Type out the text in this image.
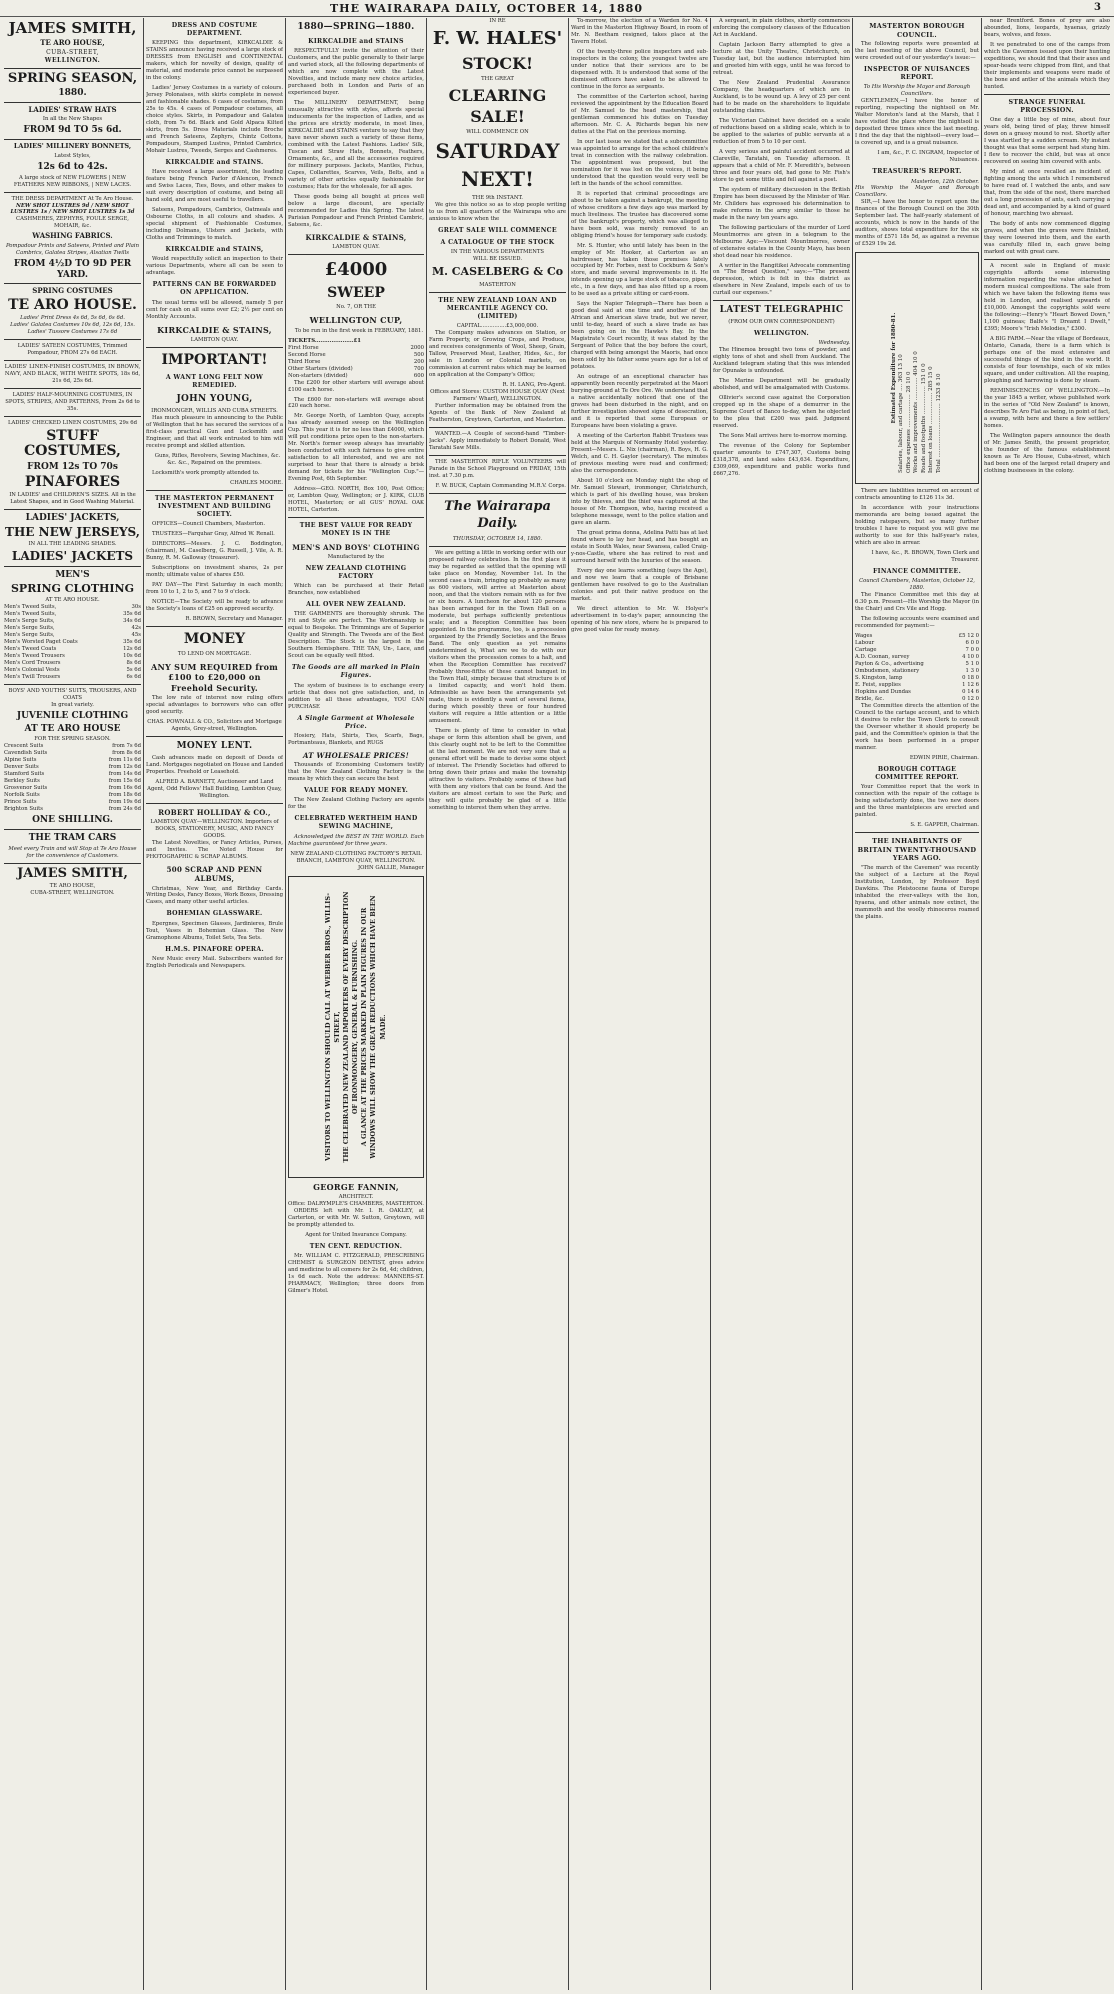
THE WAIRARAPA DAILY, OCTOBER 14, 1880	3
JAMES SMITH,
TE ARO HOUSE,
CUBA-STREET,
WELLINGTON.
SPRING SEASON,
1880.
LADIES' STRAW HATS
In all the New Shapes
FROM 9d TO 5s 6d.
LADIES' MILLINERY BONNETS,
Latest Styles,
12s 6d to 42s.
A large stock of NEW FLOWERS | NEW FEATHERS NEW RIBBONS, | NEW LACES.
THE DRESS DEPARTMENT At Te Aro House.
NEW SHOT LUSTRES 9d / NEW SHOT LUSTRES 1s / NEW SHOT LUSTRES 1s 3d
CASHMERES, ZEPHYRS, FOULE SERGE, MOHAIR, &c.
WASHING FABRICS.
Pompadour Prints and Sateens, Printed and Plain Cambrics, Galatea Stripes, Alsatian Twills
FROM 4½D TO 9D PER YARD.
SPRING COSTUMES
TE ARO HOUSE.
Ladies' Print Dress 4s 6d, 5s 6d, 6s 6d.
Ladies' Galatea Costumes 10s 6d, 12s 6d, 15s.
Ladies' Tussore Costumes 17s 6d
LADIES' SATEEN COSTUMES, Trimmed Pompadour, FROM 27s 6d EACH.
LADIES' LINEN-FINISH COSTUMES, IN BROWN, NAVY, AND BLACK, WITH WHITE SPOTS, 18s 6d, 21s 6d, 25s 6d.
LADIES' HALF-MOURNING COSTUMES, IN SPOTS, STRIPES, AND PATTERNS, From 2s 6d to 35s.
LADIES' CHECKED LINEN COSTUMES, 29s 6d
STUFF COSTUMES,
FROM 12s TO 70s
PINAFORES
IN LADIES' and CHILDREN'S SIZES. All in the Latest Shapes, and in Good Washing Material.
LADIES' JACKETS,
THE NEW JERSEYS,
IN ALL THE LEADING SHADES.
LADIES' JACKETS
MEN'S
SPRING CLOTHING
AT TE ARO HOUSE.
Men's Tweed Suits,	30s
Men's Tweed Suits,	35s 6d
Men's Serge Suits,	34s 6d
Men's Serge Suits,	42s
Men's Serge Suits,	45s
Men's Worsted Paget Coats	35s 6d
Men's Tweed Coats	12s 6d
Men's Tweed Trousers	10s 6d
Men's Cord Trousers	8s 6d
Men's Colonial Vests	5s 6d
Men's Twill Trousers	6s 6d
BOYS' AND YOUTHS' SUITS, TROUSERS, AND COATS
In great variety.
JUVENILE CLOTHING
AT TE ARO HOUSE
FOR THE SPRING SEASON.
Crescent Suits	from 7s 6d
Cavendish Suits	from 8s 6d
Alpine Suits	from 11s 6d
Denver Suits	from 12s 6d
Stamford Suits	from 14s 6d
Berkley Suits	from 15s 6d
Grosvenor Suits	from 16s 6d
Norfolk Suits	from 18s 6d
Prince Suits	from 19s 6d
Brighton Suits	from 24s 6d
ONE SHILLING.
THE TRAM CARS
Meet every Train and will Stop at Te Aro House for the convenience of Customers.
JAMES SMITH,
TE ARO HOUSE,
CUBA-STREET, WELLINGTON.
DRESS AND COSTUME DEPARTMENT.

KEEPING this department, KIRKCALDIE & STAINS announce having received a large stock of DRESSES from ENGLISH and CONTINENTAL makers, which for novelty of design, quality of material, and moderate price cannot be surpassed in the colony.

Ladies' Jersey Costumes in a variety of colours. Jersey Polonaises, with skirts complete in newest and fashionable shades. 6 cases of costumes, from 25s to 45s. 4 cases of Pompadour costumes, all choice styles. Skirts, in Pompadour and Galatea cloth, from 7s 6d. Black and Gold Alpaca Kilted skirts, from 5s. Dress Materials include Broche and French Sateens, Zephyrs, Chintz Cottons, Pompadours, Stamped Lustres, Printed Cambrics, Mohair Lustres, Tweeds, Serges and Cashmeres.

KIRKCALDIE and STAINS.

Have received a large assortment, the leading feature being French Parlor d'Alencon, French and Swiss Laces, Ties, Bows, and other makes to suit every description of costume, and being all hand sold, and are most useful to travellers.

Sateens, Pompadours, Cambrics, Oatmeals and Osbourne Cloths, in all colours and shades. A special shipment of Fashionable Costumes, including Dolmans, Ulsters and Jackets, with Cloths and Trimmings to match.

KIRKCALDIE and STAINS,

Would respectfully solicit an inspection to their various Departments, where all can be seen to advantage.

PATTERNS CAN BE FORWARDED ON APPLICATION.

The usual terms will be allowed, namely 5 per cent for cash on all sums over £2; 2½ per cent on Monthly Accounts.

KIRKCALDIE & STAINS,
LAMBTON QUAY.
IMPORTANT!
A WANT LONG FELT NOW REMEDIED.
JOHN YOUNG,
IRONMONGER, WILLIS AND CUBA STREETS.

Has much pleasure in announcing to the Public of Wellington that he has secured the services of a first-class practical Gun and Locksmith and Engineer, and that all work entrusted to him will receive prompt and skilled attention.

Guns, Rifles, Revolvers, Sewing Machines, &c. &c. &c., Repaired on the premises.

Locksmith's work promptly attended to.

CHARLES MOORE.
THE MASTERTON PERMANENT INVESTMENT AND BUILDING SOCIETY.

OFFICES—Council Chambers, Masterton.

TRUSTEES—Farquhar Gray, Alfred W. Renall.

DIRECTORS—Messrs. J. C. Boddington, (chairman), M. Caselberg, G. Russell, J. Vile, A. R. Bunny, R. M. Galloway (treasurer).

Subscriptions on investment shares, 2s per month; ultimate value of shares £50.

PAY DAY—The First Saturday in each month; from 10 to 1, 2 to 5, and 7 to 9 o'clock.

NOTICE—The Society will be ready to advance the Society's loans of £25 on approved security.

R. BROWN, Secretary and Manager.
MONEY
TO LEND ON MORTGAGE.
ANY SUM REQUIRED from £100 to £20,000 on Freehold Security.

The low rate of interest now ruling offers special advantages to borrowers who can offer good security.

CHAS. POWNALL & CO., Solicitors and Mortgage Agents, Grey-street, Wellington.
MONEY LENT.

Cash advances made on deposit of Deeds of Land. Mortgages negotiated on House and Landed Properties. Freehold or Leasehold.

ALFRED A. BARNETT, Auctioneer and Land Agent, Odd Fellows' Hall Building, Lambton Quay, Wellington.
ROBERT HOLLIDAY & CO.,
LAMBTON QUAY—WELLINGTON. Importers of BOOKS, STATIONERY, MUSIC, AND FANCY GOODS.

The Latest Novelties, or Fancy Articles, Purses, and Invites. The Noted House for PHOTOGRAPHIC & SCRAP ALBUMS.

500 SCRAP AND PENN ALBUMS,

Christmas, New Year, and Birthday Cards. Writing Desks, Fancy Boxes, Work Boxes, Dressing Cases, and many other useful articles.

BOHEMIAN GLASSWARE.

Epergnes, Specimen Glasses, Jardinieres, Brule Tout, Vases in Bohemian Glass. The New Gramophone Albums, Toilet Sets, Tea Sets.

H.M.S. PINAFORE OPERA.

New Music every Mail. Subscribers wanted for English Periodicals and Newspapers.

1880—SPRING—1880.
KIRKCALDIE and STAINS

RESPECTFULLY invite the attention of their Customers, and the public generally to their large and varied stock, all the following departments of which are now complete with the Latest Novelties, and include many new choice articles, purchased both in London and Paris of an experienced buyer.

The MILLINERY DEPARTMENT, being unusually attractive with styles, affords special inducements for the inspection of Ladies, and as the prices are strictly moderate, in most lines, KIRKCALDIE and STAINS venture to say that they have never shown such a variety of these items, combined with the Latest Fashions. Ladies' Silk, Tuscan and Straw Hats, Bonnets, Feathers, Ornaments, &c., and all the accessories required for millinery purposes. Jackets, Mantles, Fichus, Capes, Collarettes, Scarves, Veils, Belts, and a variety of other articles equally fashionable for costumes; Hats for the wholesale, for all ages.

These goods being all bought at prices well below a large discount, are specially recommended for Ladies this Spring. The latest Parisian Pompadour and French Printed Cambric, Sateens, &c.

KIRKCALDIE & STAINS,
LAMBTON QUAY.
£4000
SWEEP
No. 7, OR THE
WELLINGTON CUP,

To be run in the first week in FEBRUARY, 1881.

TICKETS.....................£1
First Horse	2000
Second Horse	500
Third Horse	200
Other Starters (divided)	700
Non-starters (divided)	600

The £200 for other starters will average about £100 each horse.

The £600 for non-starters will average about £20 each horse.

Mr. George North, of Lambton Quay, accepts has already assumed sweep on the Wellington Cup. This year it is for no less than £4000, which will put conditions prize open to the non-starters. Mr. North's former sweep always has invariably been conducted with such fairness to give entire satisfaction to all interested, and we are not surprised to hear that there is already a brisk demand for tickets for his "Wellington Cup."—Evening Post, 6th September.

Address—GEO. NORTH, Box 100, Post Office; or, Lambton Quay, Wellington; or J. KIRK, CLUB HOTEL, Masterton; or all GUS' ROYAL OAK HOTEL, Carterton.

THE BEST VALUE FOR READY MONEY IS IN THE
MEN'S AND BOYS' CLOTHING
Manufactured by the
NEW ZEALAND CLOTHING FACTORY

Which can be purchased at their Retail Branches, now established

ALL OVER NEW ZEALAND.

THE GARMENTS are thoroughly shrunk. The Fit and Style are perfect. The Workmanship is equal to Bespoke. The Trimmings are of Superior Quality and Strength. The Tweeds are of the Best Description. The Stock is the largest in the Southern Hemisphere. THE TAN, Un-, Lace, and Scout can be equally well fitted.

The Goods are all marked in Plain Figures.

The system of business is to exchange every article that does not give satisfaction, and, in addition to all these advantages, YOU CAN PURCHASE

A Single Garment at Wholesale Price.

Hosiery, Hats, Shirts, Ties, Scarfs, Bags, Portmanteaus, Blankets, and RUGS

AT WHOLESALE PRICES!

Thousands of Economising Customers testify that the New Zealand Clothing Factory is the means by which they can secure the best

VALUE FOR READY MONEY.

The New Zealand Clothing Factory are agents for the

CELEBRATED WERTHEIM HAND SEWING MACHINE,

Acknowledged the BEST IN THE WORLD. Each Machine guaranteed for three years.

NEW ZEALAND CLOTHING FACTORY'S RETAIL BRANCH, LAMBTON QUAY, WELLINGTON.
JOHN GALLIE, Manager
VISITORS TO WELLINGTON SHOULD CALL AT WEBBER BROS., WILLIS-STREET, THE CELEBRATED NEW ZEALAND IMPORTERS OF EVERY DESCRIPTION OF IRONMONGERY, GENERAL & FURNISHING. A GLANCE AT THE PRICES MARKED IN PLAIN FIGURES IN OUR WINDOWS WILL SHOW THE GREAT REDUCTIONS WHICH HAVE BEEN MADE.
GEORGE FANNIN,
ARCHITECT.
Office: DALRYMPLE'S CHAMBERS, MASTERTON.

ORDERS left with Mr. I. R. OAKLEY, at Carterton, or with Mr. W. Sutton, Greytown, will be promptly attended to.

Agent for United Insurance Company.
TEN CENT. REDUCTION.

Mr. WILLIAM C. FITZGERALD, PRESCRIBING CHEMIST & SURGEON DENTIST, gives advice and medicine to all comers for 2s 6d, 4d; children, 1s 6d each. Note the address: MANNERS-ST. PHARMACY, Wellington; three doors from Gilmer's Hotel.

IN RE
F. W. HALES'
STOCK!
THE GREAT
CLEARING SALE!
WILL COMMENCE ON
SATURDAY
NEXT!
THE 9th INSTANT.

We give this notice so as to stop people writing to us from all quarters of the Wairarapa who are anxious to know when the

GREAT SALE WILL COMMENCE
A CATALOGUE OF THE STOCK
IN THE VARIOUS DEPARTMENTS
WILL BE ISSUED.
M. CASELBERG & Co
MASTERTON
THE NEW ZEALAND LOAN AND MERCANTILE AGENCY CO. (LIMITED)
CAPITAL...............£3,000,000.

The Company makes advances on Station, or Farm Property, or Growing Crops, and Produce, and receives consignments of Wool, Sheep, Grain, Tallow, Preserved Meat, Leather, Hides, &c., for sale in London or Colonial markets, on commission at current rates which may be learned on application at the Company's Office;

R. H. LANG, Pro-Agent.
Offices and Stores: CUSTOM HOUSE QUAY (Next Farmers' Wharf), WELLINGTON.

Further information may be obtained from the Agents of the Bank of New Zealand at Featherston, Greytown, Carterton, and Masterton.

WANTED.—A Couple of second-hand "Timber-Jacks". Apply immediately to Robert Donald, West Taratahi Saw Mills.

THE MASTERTON RIFLE VOLUNTEERS will Parade in the School Playground on FRIDAY, 15th inst. at 7.30 p.m.

F. W. BUCK, Captain Commanding M.R.V. Corps.
The Wairarapa Daily.
THURSDAY, OCTOBER 14, 1880.

We are getting a little in working order with our proposed railway celebration. In the first place it may be regarded as settled that the opening will take place on Monday, November 1st. In the second case a train, bringing up probably as many as 600 visitors, will arrive at Masterton about noon, and that the visitors remain with us for five or six hours. A luncheon for about 120 persons has been arranged for in the Town Hall on a moderate, but perhaps sufficiently pretentious scale; and a Reception Committee has been appointed. In the programme, too, is a procession organized by the Friendly Societies and the Brass Band. The only question as yet remains undetermined is, What are we to do with our visitors when the procession comes to a halt, and when the Reception Committee has received? Probably three-fifths of these cannot banquet in the Town Hall, simply because that structure is of a limited capacity, and won't hold them. Admissible as have been the arrangements yet made, there is evidently a want of several items, during which possibly three or four hundred visitors will require a little attention or a little amusement.

There is plenty of time to consider in what shape or form this attention shall be given, and this clearly ought not to be left to the Committee at the last moment. We are not very sure that a general effort will be made to devise some object of interest. The Friendly Societies had offered to bring down their prizes and make the township attractive to visitors. Probably some of these had with them any visitors that can be found. And the visitors are almost certain to see the Park; and they will quite probably be glad of a little something to interest them when they arrive.

To-morrow, the election of a Warden for No. 4 Ward in the Masterton Highway Board, in room of Mr. N. Beetham resigned, takes place at the Tavern Hotel.

Of the twenty-three police inspectors and sub-inspectors in the colony, the youngest twelve are under notice that their services are to be dispensed with. It is understood that some of the dismissed officers have asked to be allowed to continue in the force as sergeants.

The committee of the Carterton school, having reviewed the appointment by the Education Board of Mr. Samuel to the head mastership, that gentleman commenced his duties on Tuesday afternoon. Mr. C. A. Richards began his new duties at the Flat on the previous morning.

In our last issue we stated that a subcommittee was appointed to arrange for the school children's treat in connection with the railway celebration. The appointment was proposed, but the nomination for it was lost on the voices, it being understood that the question would very well be left in the hands of the school committee.

It is reported that criminal proceedings are about to be taken against a bankrupt, the meeting of whose creditors a few days ago was marked by much liveliness. The trustee has discovered some of the bankrupt's property, which was alleged to have been sold, was merely removed to an obliging friend's house for temporary safe custody.

Mr. S. Hunter, who until lately has been in the employ of Mr. Hooker, at Carterton as an hairdresser, has taken those premises lately occupied by Mr. Forbes, next to Cockburn & Son's store, and made several improvements in it. He intends opening up a large stock of tobacco, pipes, etc., in a few days, and has also fitted up a room to be used as a private sitting or card-room.

Says the Napier Telegraph—There has been a good deal said at one time and another of the African and American slave trade, but we never, until to-day, heard of such a slave trade as has been going on in the Hawke's Bay. In the Magistrate's Court recently, it was stated by the Sergeant of Police that the boy before the court, charged with being amongst the Maoris, had once been sold by his father some years ago for a lot of potatoes.

An outrage of an exceptional character has apparently been recently perpetrated at the Maori burying-ground at Te Ore Ore. We understand that a native accidentally noticed that one of the graves had been disturbed in the night, and on further investigation showed signs of desecration, and it is reported that some European or Europeans have been violating a grave.

A meeting of the Carterton Rabbit Trustees was held at the Marquis of Normanby Hotel yesterday. Present—Messrs. L. Nix (chairman), R. Boys, H. G. Welch, and C. H. Gaylor (secretary). The minutes of previous meeting were read and confirmed; also the correspondence.

About 10 o'clock on Monday night the shop of Mr. Samuel Stewart, ironmonger, Christchurch, which is part of his dwelling house, was broken into by thieves, and the thief was captured at the house of Mr. Thompson, who, having received a telephone message, went to the police station and gave an alarm.

The great prima donna, Adelina Patti has at last found where to lay her head, and has bought an estate in South Wales, near Swansea, called Craig-y-nos-Castle, where she has retired to rest and surround herself with the luxuries of the season.

Every day one learns something (says the Age), and now we learn that a couple of Brisbane gentlemen have resolved to go to the Australian colonies and put their native produce on the market.

We direct attention to Mr. W. Holyer's advertisement in to-day's paper, announcing the opening of his new store, where he is prepared to give good value for ready money.

A sergeant, in plain clothes, shortly commences enforcing the compulsory clauses of the Education Act in Auckland.

Captain Jackson Barry attempted to give a lecture at the Unity Theatre, Christchurch, on Tuesday last, but the audience interrupted him and greeted him with eggs, until he was forced to retreat.

The New Zealand Prudential Assurance Company, the headquarters of which are in Auckland, is to be wound up. A levy of 25 per cent had to be made on the shareholders to liquidate outstanding claims.

The Victorian Cabinet have decided on a scale of reductions based on a sliding scale, which is to be applied to the salaries of public servants at a reduction of from 5 to 10 per cent.

A very serious and painful accident occurred at Clareville, Taratahi, on Tuesday afternoon. It appears that a child of Mr. F. Meredith's, between three and four years old, had gone to Mr. Fish's store to get some tittle and fell against a post.

The system of military discussion in the British Empire has been discussed by the Minister of War. Mr. Childers has expressed his determination to make reforms in the army similar to those he made in the navy ten years ago.

The following particulars of the murder of Lord Mountmorres are given in a telegram to the Melbourne Age:—Viscount Mountmorres, owner of extensive estates in the County Mayo, has been shot dead near his residence.

A writer in the Rangitikei Advocate commenting on "The Broad Question," says:—"The present depression, which is felt in this district as elsewhere in New Zealand, impels each of us to curtail our expenses."

LATEST TELEGRAPHIC
(FROM OUR OWN CORRESPONDENT)
WELLINGTON.
Wednesday.

The Hinemoa brought two tons of powder, and eighty tons of shot and shell from Auckland. The Auckland telegram stating that this was intended for Opunake is unfounded.

The Marine Department will be gradually abolished, and will be amalgamated with Customs.

Ollivier's second case against the Corporation cropped up in the shape of a demurrer in the Supreme Court of Banco to-day, when he objected to the plea that £200 was paid. Judgment reserved.

The Sons Mail arrives here to-morrow morning.

The revenue of the Colony for September quarter amounts to £747,307, Customs being £318,378, and land sales £43,634. Expenditure, £309,069, expenditure and public works fund £667,276.

MASTERTON BOROUGH COUNCIL.

The following reports were presented at the last meeting of the above Council, but were crowded out of our yesterday's issue:—

INSPECTOR OF NUISANCES REPORT.
To His Worship the Mayor and Borough Councillors.

GENTLEMEN,—I have the honor of reporting, respecting the nightsoil on Mr. Walter Moreton's land at the Marsh, that I have visited the place where the nightsoil is deposited three times since the last meeting. I find the day that the nightsoil—every load—is covered up, and is a great nuisance.

I am, &c., F. C. INGRAM, Inspector of Nuisances.
TREASURER'S REPORT.
Masterton, 12th October.
His Worship the Mayor and Borough Councillors.

SIR,—I have the honor to report upon the finances of the Borough Council on the 30th September last. The half-yearly statement of accounts, which is now in the hands of the auditors, shows total expenditure for the six months of £571 18s 5d, as against a revenue of £529 19s 2d.

Estimated Expenditure for 1880-81. Salaries, labour, and cartage .... 363 13 10 Office expenses ................... 28 10 0 Works and improvements ............. 404 10 0 Roads and footpaths ................ 151 0 0 Interest on loans .................. 285 15 0 Total ............................... 1233 8 10

There are liabilities incurred on account of contracts amounting to £126 11s 3d.

In accordance with your instructions memoranda are being issued against the holding ratepayers, but so many further troubles I have to request you will give me authority to sue for this half-year's rates, which are also in arrear.

I have, &c., R. BROWN, Town Clerk and Treasurer.
FINANCE COMMITTEE.
Council Chambers, Masterton, October 12, 1880.

The Finance Committee met this day at 6.30 p.m. Present—His Worship the Mayor (in the Chair) and Crs Vile and Hogg.

The following accounts were examined and recommended for payment:—

Wages	£5 12 0
Labour	6 0 0
Cartage	7 0 0
A.D. Coonan, survey	4 10 0
Payton & Co., advertising	5 1 0
Ombudsmen, stationery	1 3 0
S. Kingston, lamp	0 18 0
E. Feist, supplies	1 12 6
Hopkins and Dundas	0 14 6
Bridle, &c.	0 12 0

The Committee directs the attention of the Council to the cartage account, and to which it desires to refer the Town Clerk to consult the Overseer whether it should properly be paid, and the Committee's opinion is that the work has been performed in a proper manner.

EDWIN PIRIE, Chairman.
BOROUGH COTTAGE COMMITTEE REPORT.

Your Committee report that the work in connection with the repair of the cottage is being satisfactorily done, the two new doors and the three mantelpieces are erected and painted.

S. E. GAPPER, Chairman.
THE INHABITANTS OF BRITAIN TWENTY-THOUSAND YEARS AGO.

"The march of the Cavemen" was recently the subject of a Lecture at the Royal Institution, London, by Professor Boyd Dawkins. The Pleistocene fauna of Europe inhabited the river-valleys with the lion, hyaena, and other animals now extinct, the mammoth and the woolly rhinoceros roamed the plains.

near Brentford. Bones of prey are also abounded, lions, leopards, hyaenas, grizzly bears, wolves, and foxes.

It we penetrated to one of the camps from which the Cavemen issued upon their hunting expeditions, we should find that their axes and spear-heads were chipped from flint, and that their implements and weapons were made of the bone and antler of the animals which they hunted.

STRANGE FUNERAL PROCESSION.

One day a little boy of mine, about four years old, being tired of play, threw himself down on a grassy mound to rest. Shortly after I was startled by a sudden scream. My instant thought was that some serpent had stung him. I flew to recover the child, but was at once recovered on seeing him covered with ants.

My mind at once recalled an incident of fighting among the ants which I remembered to have read of. I watched the ants, and saw that, from the side of the nest, there marched out a long procession of ants, each carrying a dead ant, and accompanied by a kind of guard of honour, marching two abreast.

The body of ants now commenced digging graves, and when the graves were finished, they were lowered into them, and the earth was carefully filled in, each grave being marked out with great care.

A recent sale in England of music copyrights affords some interesting information regarding the value attached to modern musical compositions. The sale from which we have taken the following items was held in London, and realised upwards of £10,000. Amongst the copyrights sold were the following:—Henry's "Heart Bowed Down," 1,100 guineas; Balfe's "I Dreamt I Dwelt," £395; Moore's "Irish Melodies," £300.

A BIG FARM.—Near the village of Bordeaux, Ontario, Canada, there is a farm which is perhaps one of the most extensive and successful things of the kind in the world. It consists of four townships, each of six miles square, and under cultivation. All the reaping, ploughing and harrowing is done by steam.

REMINISCENCES OF WELLINGTON.—In the year 1845 a writer, whose published work in the series of "Old New Zealand" is known, describes Te Aro Flat as being, in point of fact, a swamp, with here and there a few settlers' homes.

The Wellington papers announce the death of Mr. James Smith, the present proprietor, the founder of the famous establishment known as Te Aro House, Cuba-street, which had been one of the largest retail drapery and clothing businesses in the colony.
